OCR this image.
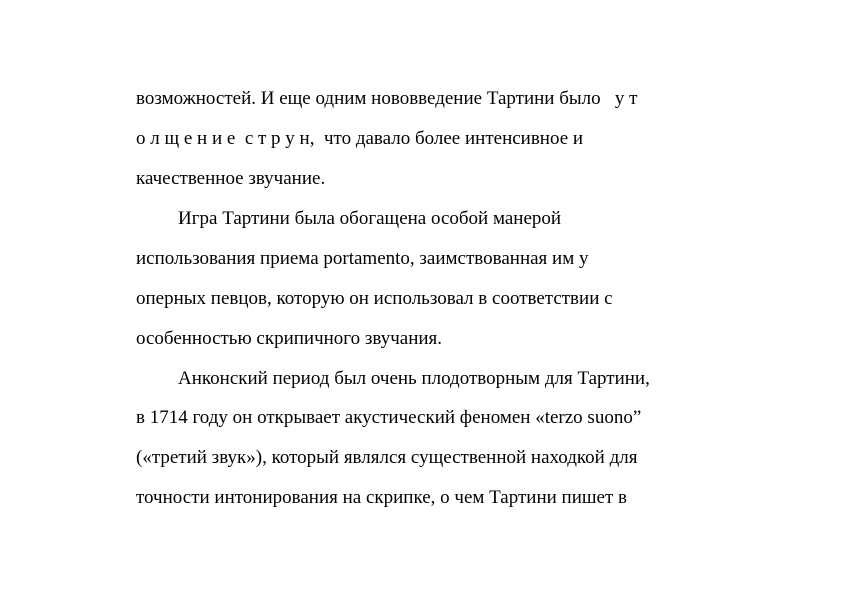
возможностей. И еще одним нововведение Тартини было   у т
о л щ е н и е  с т р у н,  что давало более интенсивное и
качественное звучание.
Игра Тартини была обогащена особой манерой
использования приема portamento, заимствованная им у
оперных певцов, которую он использовал в соответствии с
особенностью скрипичного звучания.
Анконский период был очень плодотворным для Тартини,
в 1714 году он открывает акустический феномен «terzo suono”
(«третий звук»), который являлся существенной находкой для
точности интонирования на скрипке, о чем Тартини пишет в
